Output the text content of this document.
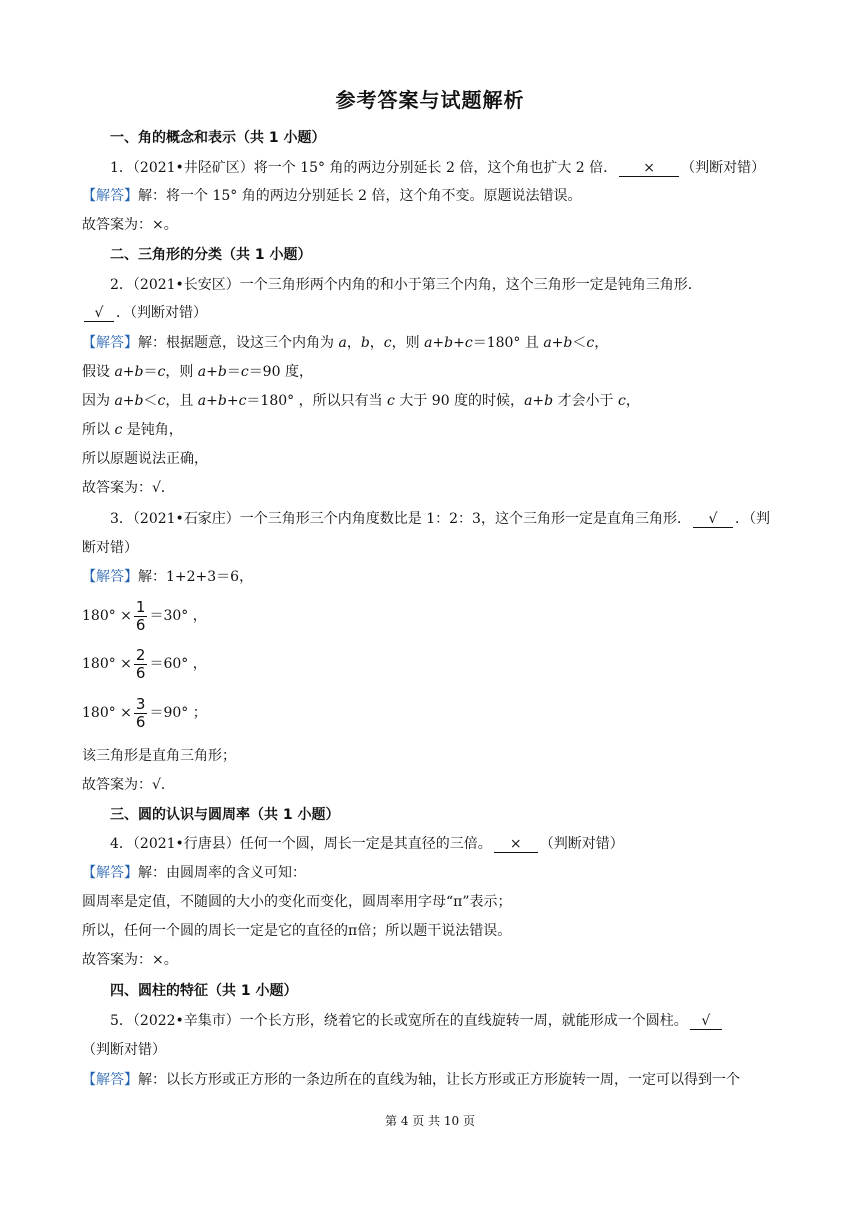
参考答案与试题解析
一、角的概念和表示（共 1 小题）
1．（2021•井陉矿区）将一个 15° 角的两边分别延长 2 倍，这个角也扩大 2 倍． × （判断对错）
【解答】解：将一个 15° 角的两边分别延长 2 倍，这个角不变。原题说法错误。
故答案为：×。
二、三角形的分类（共 1 小题）
2．（2021•长安区）一个三角形两个内角的和小于第三个内角，这个三角形一定是钝角三角形．
√ ．（判断对错）
【解答】解：根据题意，设这三个内角为 a，b，c，则 a+b+c＝180° 且 a+b＜c，
假设 a+b＝c，则 a+b＝c＝90 度，
因为 a+b＜c，且 a+b+c＝180° ，所以只有当 c 大于 90 度的时候，a+b 才会小于 c，
所以 c 是钝角，
所以原题说法正确，
故答案为：√．
3．（2021•石家庄）一个三角形三个内角度数比是 1：2：3，这个三角形一定是直角三角形． √ ．（判
断对错）
【解答】解：1+2+3＝6，
$180^\circ \times \frac{1}{6} =30^\circ$ ，
$180^\circ \times \frac{2}{6} =60^\circ$ ，
$180^\circ \times \frac{3}{6} =90^\circ$ ；
该三角形是直角三角形；
故答案为：√．
三、圆的认识与圆周率（共 1 小题）
4．（2021•行唐县）任何一个圆，周长一定是其直径的三倍。 × （判断对错）
【解答】解：由圆周率的含义可知：
圆周率是定值，不随圆的大小的变化而变化，圆周率用字母“π”表示；
所以，任何一个圆的周长一定是它的直径的π倍；所以题干说法错误。
故答案为：×。
四、圆柱的特征（共 1 小题）
5．（2022•辛集市）一个长方形，绕着它的长或宽所在的直线旋转一周，就能形成一个圆柱。 √
（判断对错）
【解答】解：以长方形或正方形的一条边所在的直线为轴，让长方形或正方形旋转一周，一定可以得到一个
第 4 页 共 10 页
